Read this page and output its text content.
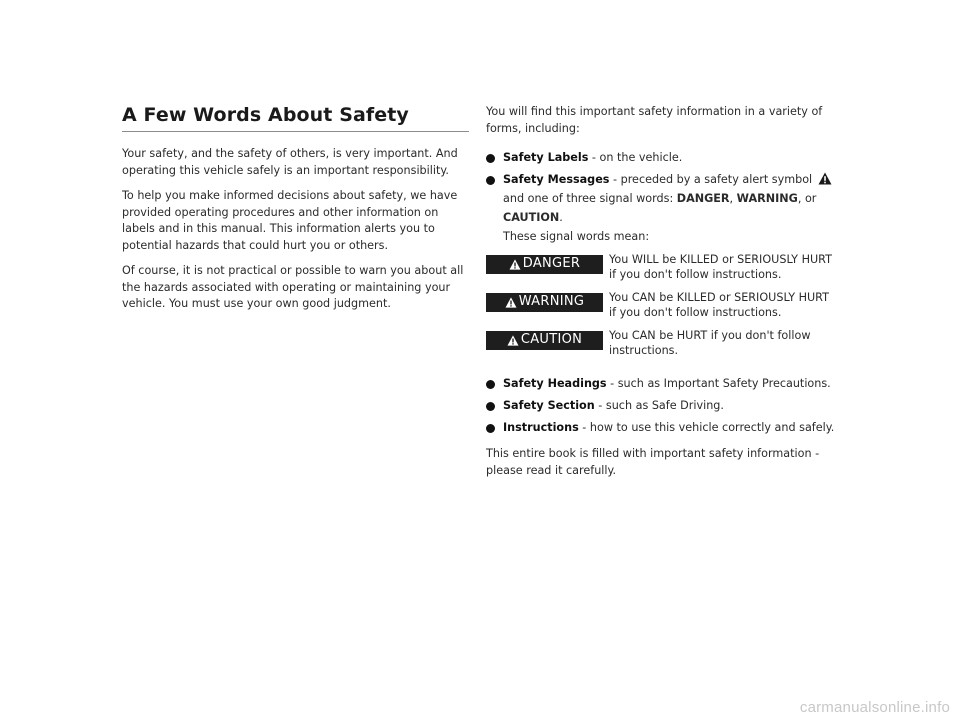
A Few Words About Safety

Your safety, and the safety of others, is very important. And operating this vehicle safely is an important responsibility.

To help you make informed decisions about safety, we have provided operating procedures and other information on labels and in this manual. This information alerts you to potential hazards that could hurt you or others.

Of course, it is not practical or possible to warn you about all the hazards associated with operating or maintaining your vehicle. You must use your own good judgment.

You will find this important safety information in a variety of forms, including:

Safety Labels - on the vehicle.
Safety Messages - preceded by a safety alert symbol  and one of three signal words: DANGER, WARNING, or CAUTION.
These signal words mean:
DANGER	You WILL be KILLED or SERIOUSLY HURT if you don't follow instructions.
WARNING You CAN be KILLED or SERIOUSLY HURT if you don't follow instructions.
CAUTION You CAN be HURT if you don't follow instructions.
Safety Headings - such as Important Safety Precautions.
Safety Section - such as Safe Driving.
Instructions - how to use this vehicle correctly and safely.

This entire book is filled with important safety information - please read it carefully.

carmanualsonline.info
